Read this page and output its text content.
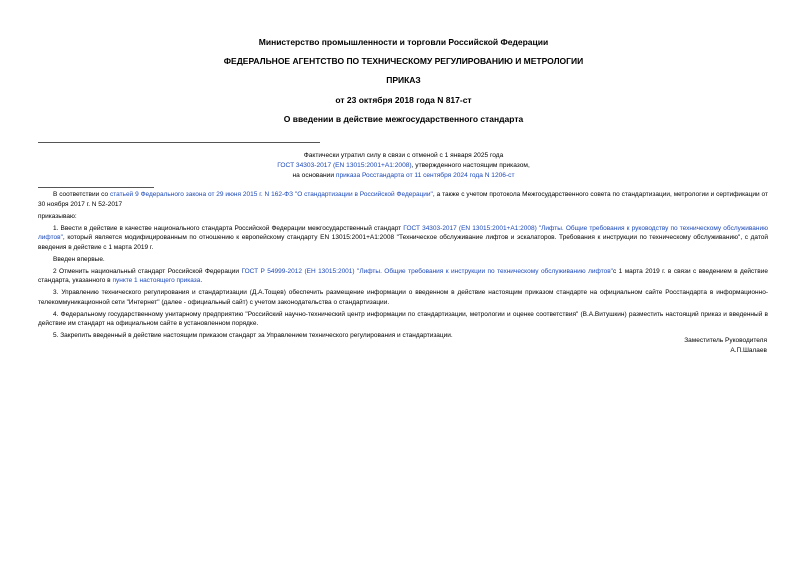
Министерство промышленности и торговли Российской Федерации
ФЕДЕРАЛЬНОЕ АГЕНТСТВО ПО ТЕХНИЧЕСКОМУ РЕГУЛИРОВАНИЮ И МЕТРОЛОГИИ
ПРИКАЗ
от 23 октября 2018 года N 817-ст
О введении в действие межгосударственного стандарта
Фактически утратил силу в связи с отменой с 1 января 2025 года
ГОСТ 34303-2017 (EN 13015:2001+A1:2008), утвержденного настоящим приказом,
на основании приказа Росстандарта от 11 сентября 2024 года N 1206-ст

В соответствии со статьей 9 Федерального закона от 29 июня 2015 г. N 162-ФЗ "О стандартизации в Российской Федерации", а также с учетом протокола Межгосударственного совета по стандартизации, метрологии и сертификации от 30 ноября 2017 г. N 52-2017

приказываю:

1. Ввести в действие в качестве национального стандарта Российской Федерации межгосударственный стандарт ГОСТ 34303-2017 (EN 13015:2001+A1:2008) "Лифты. Общие требования к руководству по техническому обслуживанию лифтов", который является модифицированным по отношению к европейскому стандарту EN 13015:2001+A1:2008 "Техническое обслуживание лифтов и эскалаторов. Требования к инструкции по техническому обслуживанию", с датой введения в действие с 1 марта 2019 г.

Введен впервые.

2 Отменить национальный стандарт Российской Федерации ГОСТ Р 54999-2012 (ЕН 13015:2001) "Лифты. Общие требования к инструкции по техническому обслуживанию лифтов"с 1 марта 2019 г. в связи с введением в действие стандарта, указанного в пункте 1 настоящего приказа.

3. Управлению технического регулирования и стандартизации (Д.А.Тощев) обеспечить размещение информации о введенном в действие настоящим приказом стандарте на официальном сайте Росстандарта в информационно-телекоммуникационной сети "Интернет" (далее - официальный сайт) с учетом законодательства о стандартизации.

4. Федеральному государственному унитарному предприятию "Российский научно-технический центр информации по стандартизации, метрологии и оценке соответствия" (В.А.Витушкин) разместить настоящий приказ и введенный в действие им стандарт на официальном сайте в установленном порядке.

5. Закрепить введенный в действие настоящим приказом стандарт за Управлением технического регулирования и стандартизации.

Заместитель Руководителя
А.П.Шалаев
